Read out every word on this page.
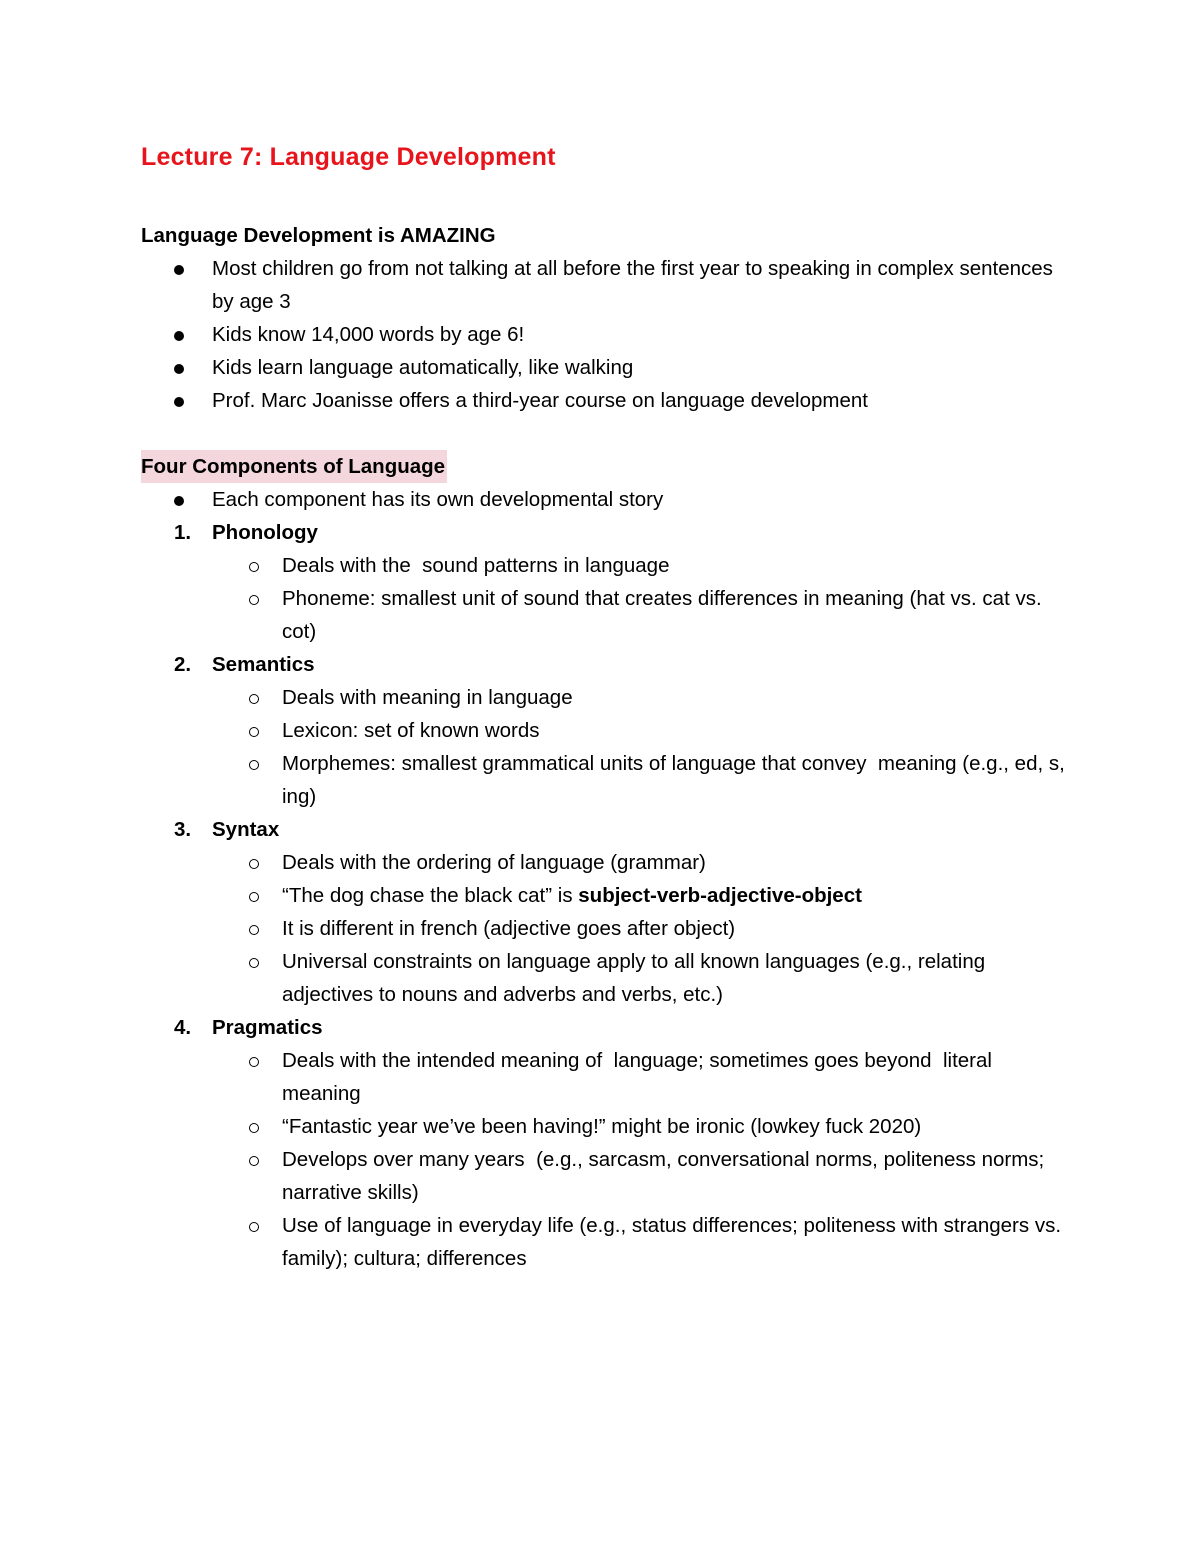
Lecture 7: Language Development
Language Development is AMAZING
Most children go from not talking at all before the first year to speaking in complex sentences by age 3
Kids know 14,000 words by age 6!
Kids learn language automatically, like walking
Prof. Marc Joanisse offers a third-year course on language development
Four Components of Language
Each component has its own developmental story
1.	Phonology
Deals with the  sound patterns in language
Phoneme: smallest unit of sound that creates differences in meaning (hat vs. cat vs. cot)
2.	Semantics
Deals with meaning in language
Lexicon: set of known words
Morphemes: smallest grammatical units of language that convey  meaning (e.g., ed, s, ing)
3.	Syntax
Deals with the ordering of language (grammar)
“The dog chase the black cat” is subject-verb-adjective-object
It is different in french (adjective goes after object)
Universal constraints on language apply to all known languages (e.g., relating adjectives to nouns and adverbs and verbs, etc.)
4.	Pragmatics
Deals with the intended meaning of  language; sometimes goes beyond  literal meaning
“Fantastic year we’ve been having!” might be ironic (lowkey fuck 2020)
Develops over many years  (e.g., sarcasm, conversational norms, politeness norms; narrative skills)
Use of language in everyday life (e.g., status differences; politeness with strangers vs. family); cultura; differences
